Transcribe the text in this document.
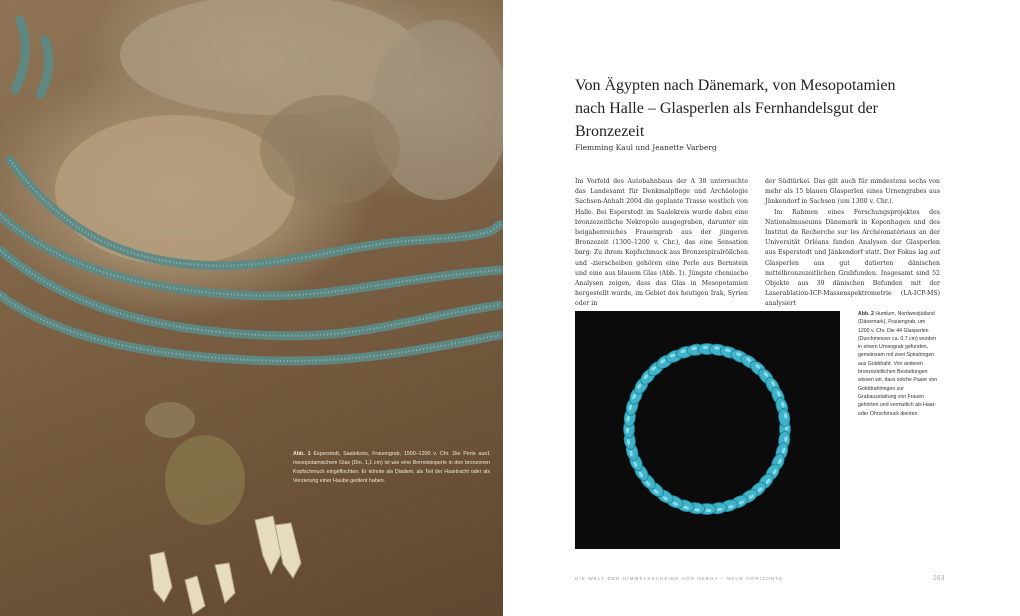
1
Abb. 1 Esperstedt, Saalekreis, Frauengrab, 1500–1200 v. Chr. Die Perle aus mesopotamischem Glas (Dm. 1,1 cm) ist wie eine Bernsteinperle in den bronzenen Kopfschmuck eingeflochten. Er könnte als Diadem, als Teil der Haartracht oder als Verzierung einer Haube gedient haben.
Von Ägypten nach Dänemark, von Mesopotamien nach Halle – Glasperlen als Fernhandelsgut der Bronzezeit
Flemming Kaul und Jeanette Varberg
Im Vorfeld des Autobahnbaus der A 38 untersuchte das Landesamt für Denkmalpflege und Archäologie Sachsen-Anhalt 2004 die geplante Trasse westlich von Halle. Bei Esperstedt im Saalekreis wurde dabei eine bronzezeitliche Nekropole ausgegraben, darunter ein beigabenreiches Frauengrab aus der jüngeren Bronzezeit (1300–1200 v. Chr.), das eine Sensation barg: Zu ihrem Kopfschmuck aus Bronzespiralröllchen und -zierscheiben gehören eine Perle aus Bernstein und eine aus blauem Glas (Abb. 1). Jüngste chemische Analysen zeigen, dass das Glas in Mesopotamien hergestellt wurde, im Gebiet des heutigen Irak, Syrien oder in
der Südtürkei. Das gilt auch für mindestens sechs von mehr als 15 blauen Glasperlen eines Urnengrabes aus Jänkendorf in Sachsen (um 1300 v. Chr.).
Im Rahmen eines Forschungsprojektes des Nationalmuseums Dänemark in Kopenhagen und des Institut de Recherche sur les Archéomatériaux an der Universität Orléans fanden Analysen der Glasperlen aus Esperstedt und Jänkendorf statt. Der Fokus lag auf Glasperlen aus gut datierten dänischen mittelbronzezeitlichen Grabfunden. Insgesamt sind 52 Objekte aus 39 dänischen Befunden mit der Laserablation-ICP-Massenspektrometrie (LA-ICP-MS) analysiert
Abb. 2 Humlum, Nordwestjütland (Dänemark), Frauengrab, um 1200 v. Chr. Die 44 Glasperlen (Durchmesser ca. 0,7 cm) wurden in einem Urnengrab gefunden, gemeinsam mit zwei Spiralringen aus Golddraht. Von anderen bronzezeitlichen Bestattungen wissen wir, dass solche Paare von Golddrahtringen zur Grabausstattung von Frauen gehörten und vermutlich als Haar- oder Ohrschmuck dienten.
DIE WELT DER HIMMELSSCHEIBE VON NEBRA – NEUE HORIZONTE	163
